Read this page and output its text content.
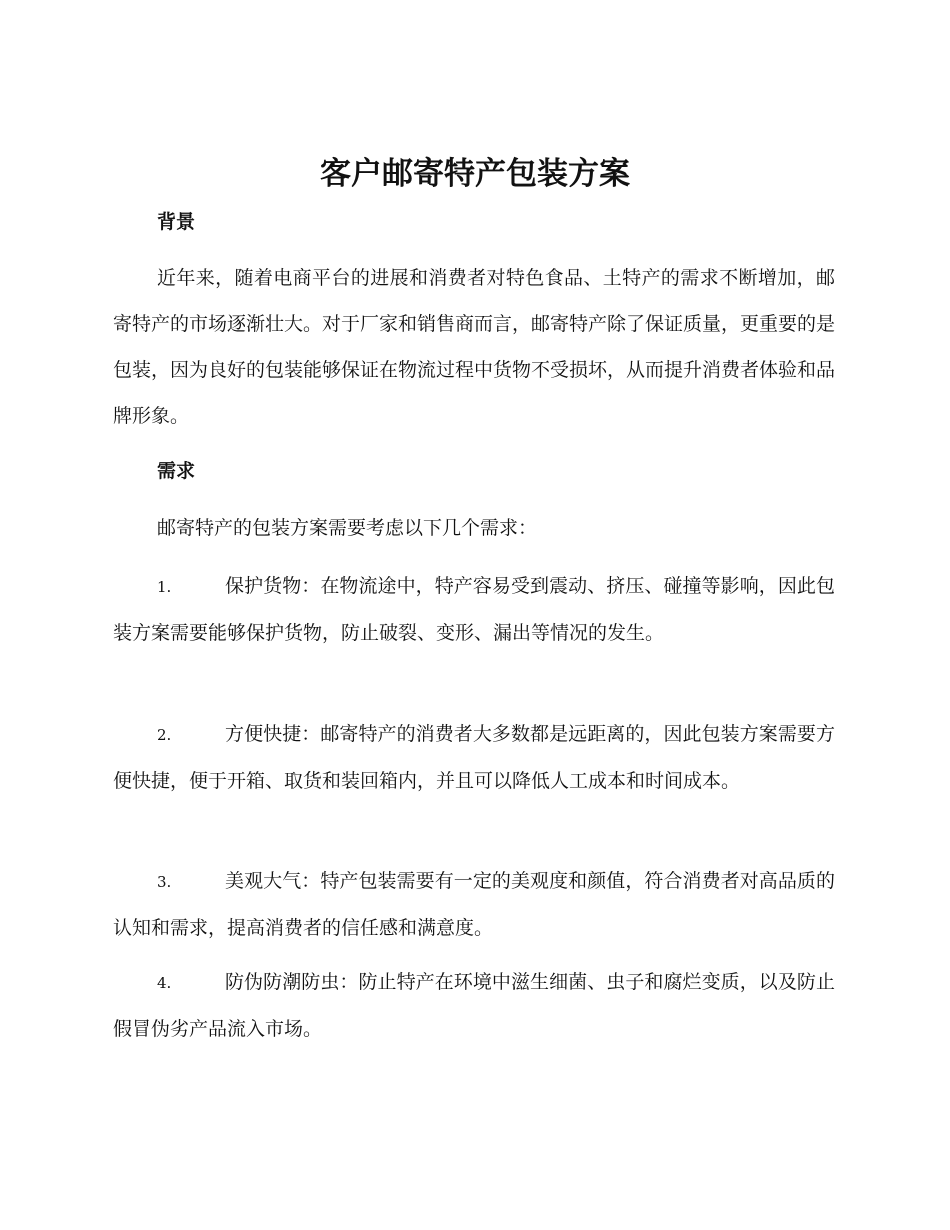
客户邮寄特产包装方案
背景

近年来，随着电商平台的进展和消费者对特色食品、土特产的需求不断增加，邮寄特产的市场逐渐壮大。对于厂家和销售商而言，邮寄特产除了保证质量，更重要的是包装，因为良好的包装能够保证在物流过程中货物不受损坏，从而提升消费者体验和品牌形象。

需求

邮寄特产的包装方案需要考虑以下几个需求：

1.	保护货物：在物流途中，特产容易受到震动、挤压、碰撞等影响，因此包装方案需要能够保护货物，防止破裂、变形、漏出等情况的发生。

2.	方便快捷：邮寄特产的消费者大多数都是远距离的，因此包装方案需要方便快捷，便于开箱、取货和装回箱内，并且可以降低人工成本和时间成本。

3.	美观大气：特产包装需要有一定的美观度和颜值，符合消费者对高品质的认知和需求，提高消费者的信任感和满意度。

4.	防伪防潮防虫：防止特产在环境中滋生细菌、虫子和腐烂变质，以及防止假冒伪劣产品流入市场。
